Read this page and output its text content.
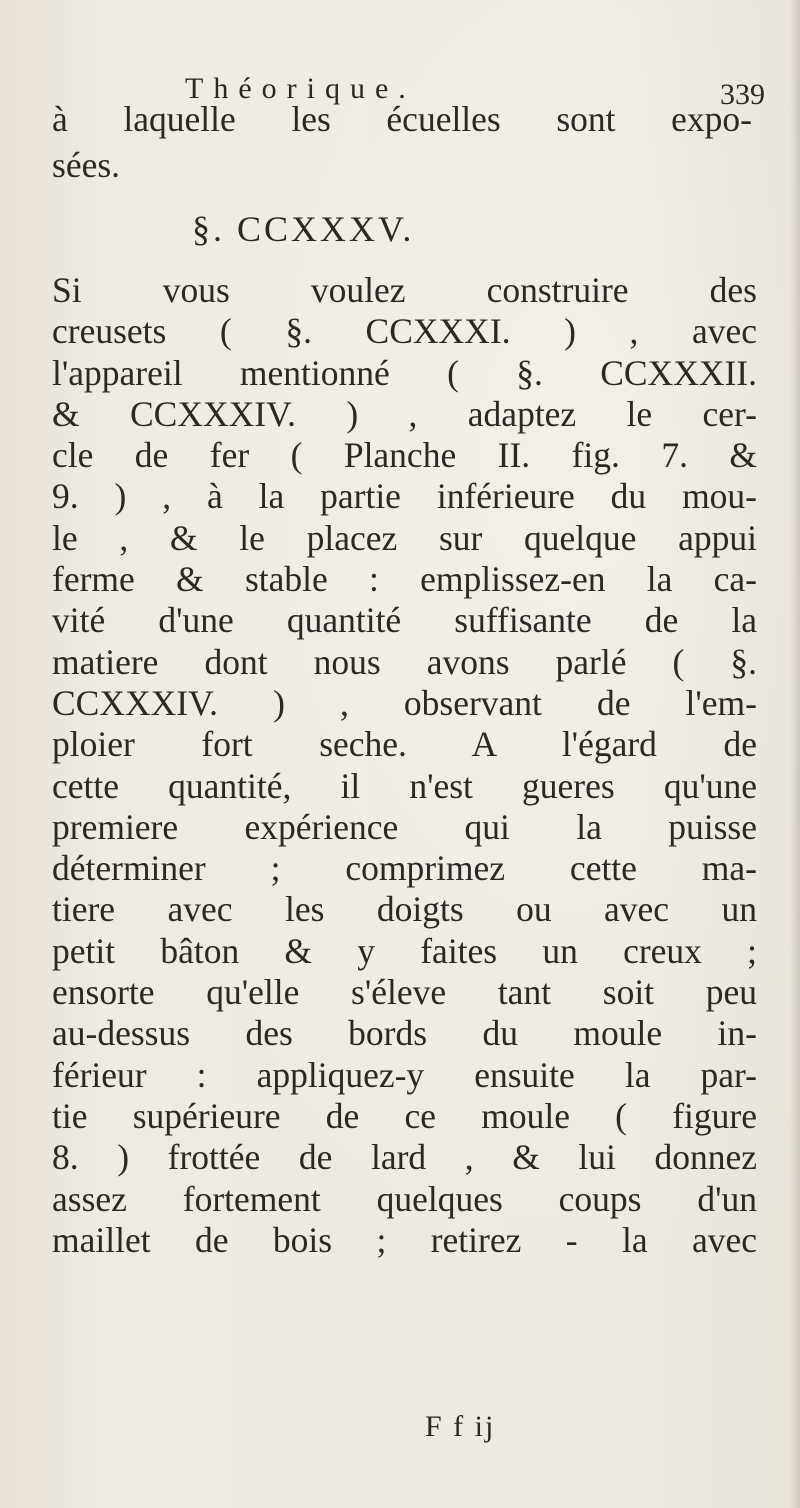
Théorique.	339
à laquelle les écuelles sont expo-
sées.
§. CCXXXV.
Si vous voulez construire des
creusets ( §. CCXXXI. ) , avec
l'appareil mentionné ( §. CCXXXII.
& CCXXXIV. ) , adaptez le cer-
cle de fer ( Planche II. fig. 7. &
9. ) , à la partie inférieure du mou-
le , & le placez sur quelque appui
ferme & stable : emplissez-en la ca-
vité d'une quantité suffisante de la
matiere dont nous avons parlé ( §.
CCXXXIV. ) , observant de l'em-
ploier fort seche. A l'égard de
cette quantité, il n'est gueres qu'une
premiere expérience qui la puisse
déterminer ; comprimez cette ma-
tiere avec les doigts ou avec un
petit bâton & y faites un creux ;
ensorte qu'elle s'éleve tant soit peu
au-dessus des bords du moule in-
férieur : appliquez-y ensuite la par-
tie supérieure de ce moule ( figure
8. ) frottée de lard , & lui donnez
assez fortement quelques coups d'un
maillet de bois ; retirez - la avec
F f ij
